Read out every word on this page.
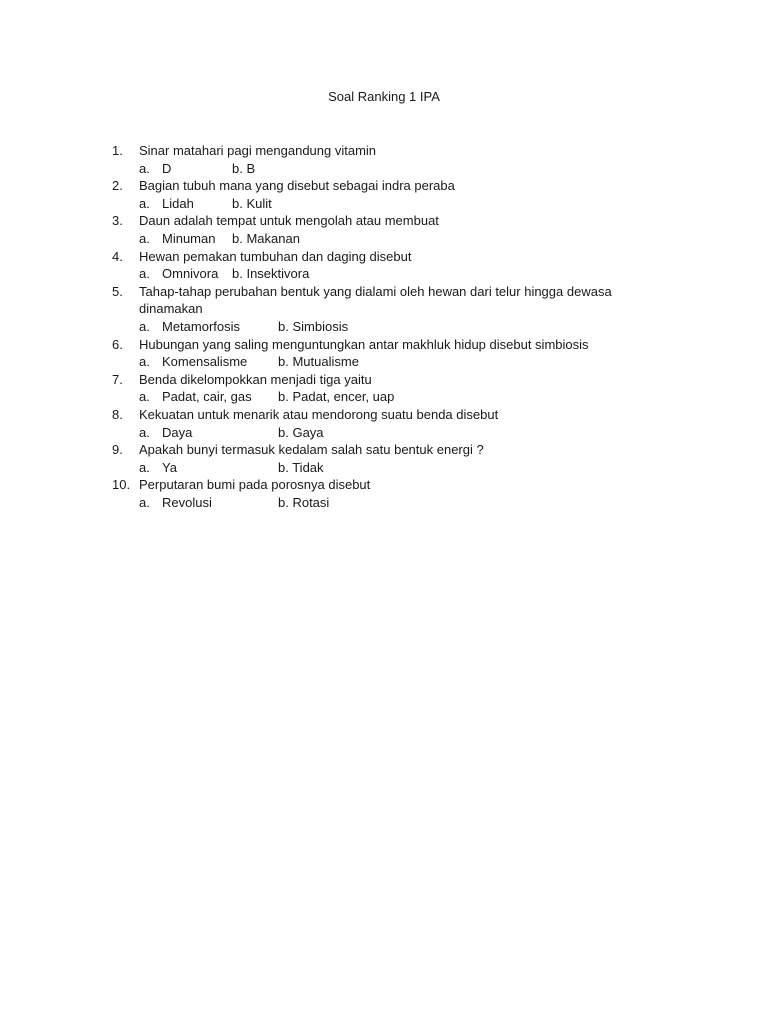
Soal Ranking 1 IPA
1.	Sinar matahari pagi mengandung vitamin
a. D	b. B
2.	Bagian tubuh mana yang disebut sebagai indra peraba
a. Lidah	b. Kulit
3.	Daun adalah tempat untuk mengolah atau membuat
a. Minuman b. Makanan
4.	Hewan pemakan tumbuhan dan daging disebut
a. Omnivora b. Insektivora
5.	Tahap-tahap perubahan bentuk yang dialami oleh hewan dari telur hingga dewasa dinamakan
a. Metamorfosis	b. Simbiosis
6.	Hubungan yang saling menguntungkan antar makhluk hidup disebut simbiosis
a. Komensalisme b. Mutualisme
7.	Benda dikelompokkan menjadi tiga yaitu
a. Padat, cair, gas b. Padat, encer, uap
8.	Kekuatan untuk menarik atau mendorong suatu benda disebut
a. Daya	b. Gaya
9.	Apakah bunyi termasuk kedalam salah satu bentuk energi ?
a. Ya	b. Tidak
10. Perputaran bumi pada porosnya disebut
a. Revolusi	b. Rotasi
